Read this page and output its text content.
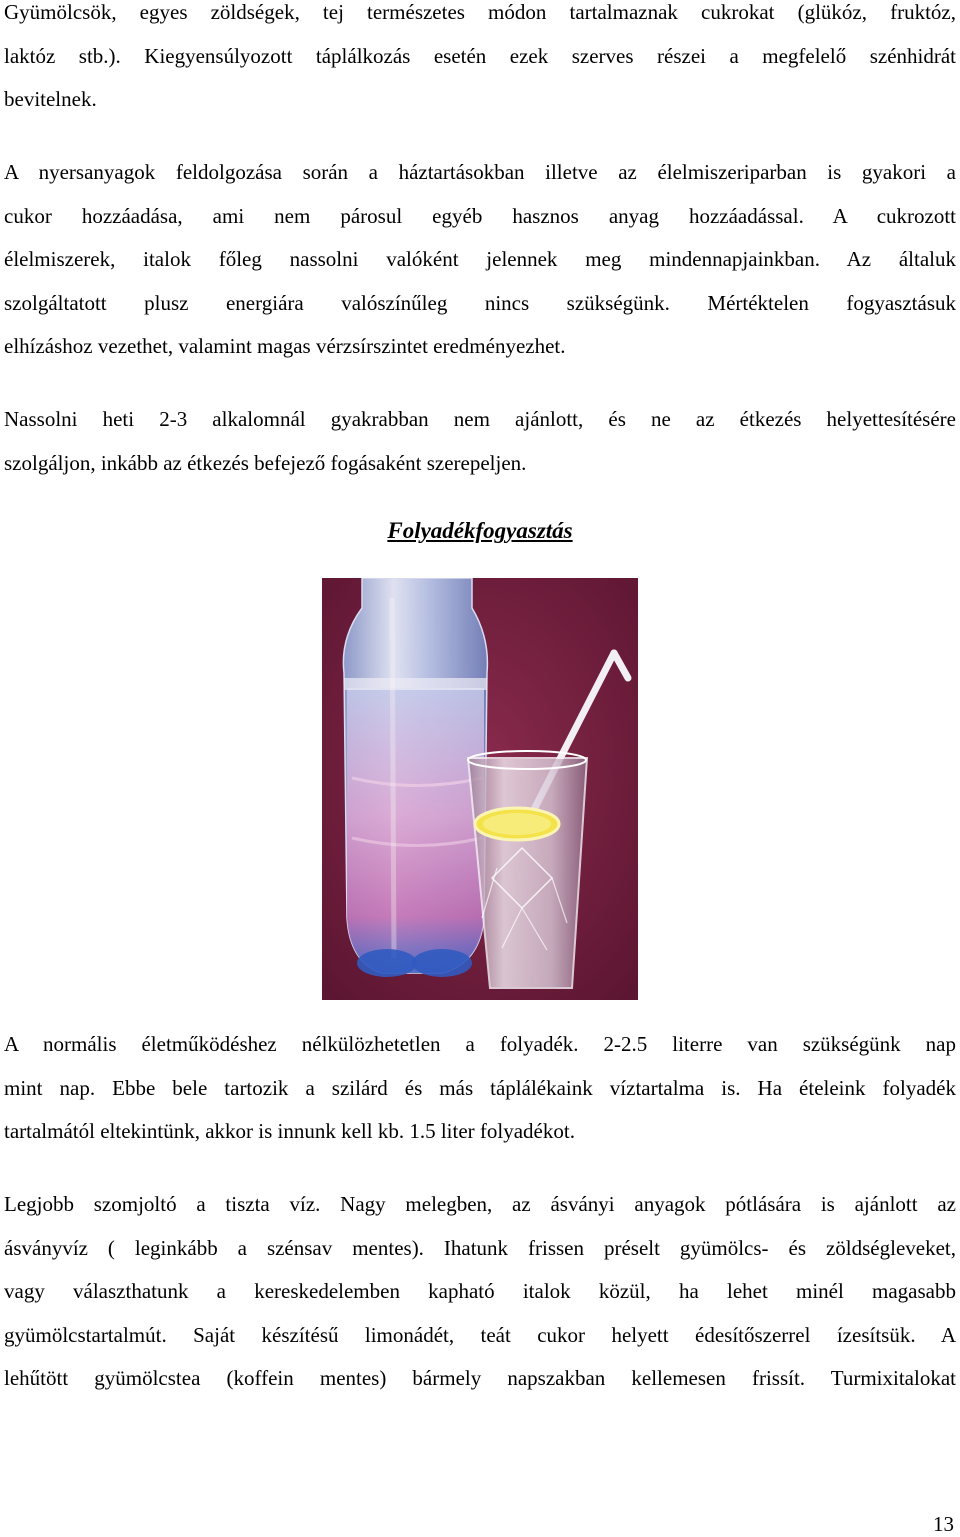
Gyümölcsök, egyes zöldségek, tej természetes módon tartalmaznak cukrokat (glükóz, fruktóz,
laktóz stb.). Kiegyensúlyozott táplálkozás esetén ezek szerves részei a megfelelő szénhidrát
bevitelnek.

A nyersanyagok feldolgozása során a háztartásokban illetve az élelmiszeriparban is gyakori a
cukor hozzáadása, ami nem párosul egyéb hasznos anyag hozzáadással. A cukrozott
élelmiszerek, italok főleg nassolni valóként jelennek meg mindennapjainkban. Az általuk
szolgáltatott plusz energiára valószínűleg nincs szükségünk. Mértéktelen fogyasztásuk
elhízáshoz vezethet, valamint magas vérzsírszintet eredményezhet.

Nassolni heti 2-3 alkalomnál gyakrabban nem ajánlott, és ne az étkezés helyettesítésére
szolgáljon, inkább az étkezés befejező fogásaként szerepeljen.

Folyadékfogyasztás

A normális életműködéshez nélkülözhetetlen a folyadék. 2-2.5 literre van szükségünk nap
mint nap. Ebbe bele tartozik a szilárd és más táplálékaink víztartalma is. Ha ételeink folyadék
tartalmától eltekintünk, akkor is innunk kell kb. 1.5 liter folyadékot.

Legjobb szomjoltó a tiszta víz. Nagy melegben, az ásványi anyagok pótlására is ajánlott az
ásványvíz ( leginkább a szénsav mentes). Ihatunk frissen préselt gyümölcs- és zöldségleveket,
vagy választhatunk a kereskedelemben kapható italok közül, ha lehet minél magasabb
gyümölcstartalmút. Saját készítésű limonádét, teát cukor helyett édesítőszerrel ízesítsük. A
lehűtött gyümölcstea (koffein mentes) bármely napszakban kellemesen frissít. Turmixitalokat

13
